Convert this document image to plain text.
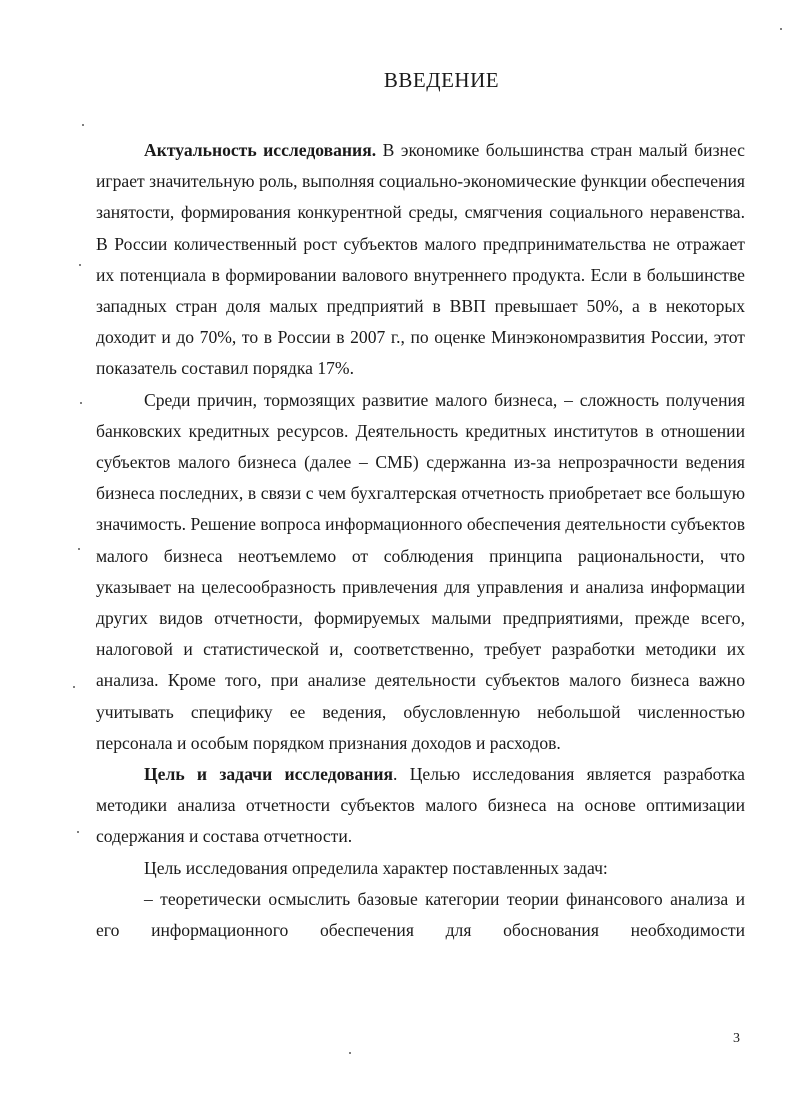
ВВЕДЕНИЕ

Актуальность исследования. В экономике большинства стран малый бизнес играет значительную роль, выполняя социально-экономические функции обеспечения занятости, формирования конкурентной среды, смягчения социального неравенства. В России количественный рост субъектов малого предпринимательства не отражает их потенциала в формировании валового внутреннего продукта. Если в большинстве западных стран доля малых предприятий в ВВП превышает 50%, а в некоторых доходит и до 70%, то в России в 2007 г., по оценке Минэкономразвития России, этот показатель составил порядка 17%.

Среди причин, тормозящих развитие малого бизнеса, – сложность получения банковских кредитных ресурсов. Деятельность кредитных институтов в отношении субъектов малого бизнеса (далее – СМБ) сдержанна из-за непрозрачности ведения бизнеса последних, в связи с чем бухгалтерская отчетность приобретает все большую значимость. Решение вопроса информационного обеспечения деятельности субъектов малого бизнеса неотъемлемо от соблюдения принципа рациональности, что указывает на целесообразность привлечения для управления и анализа информации других видов отчетности, формируемых малыми предприятиями, прежде всего, налоговой и статистической и, соответственно, требует разработки методики их анализа. Кроме того, при анализе деятельности субъектов малого бизнеса важно учитывать специфику ее ведения, обусловленную небольшой численностью персонала и особым порядком признания доходов и расходов.

Цель и задачи исследования. Целью исследования является разработка методики анализа отчетности субъектов малого бизнеса на основе оптимизации содержания и состава отчетности.

Цель исследования определила характер поставленных задач:

– теоретически осмыслить базовые категории теории финансового анализа и его информационного обеспечения для обоснования необходимости

3
